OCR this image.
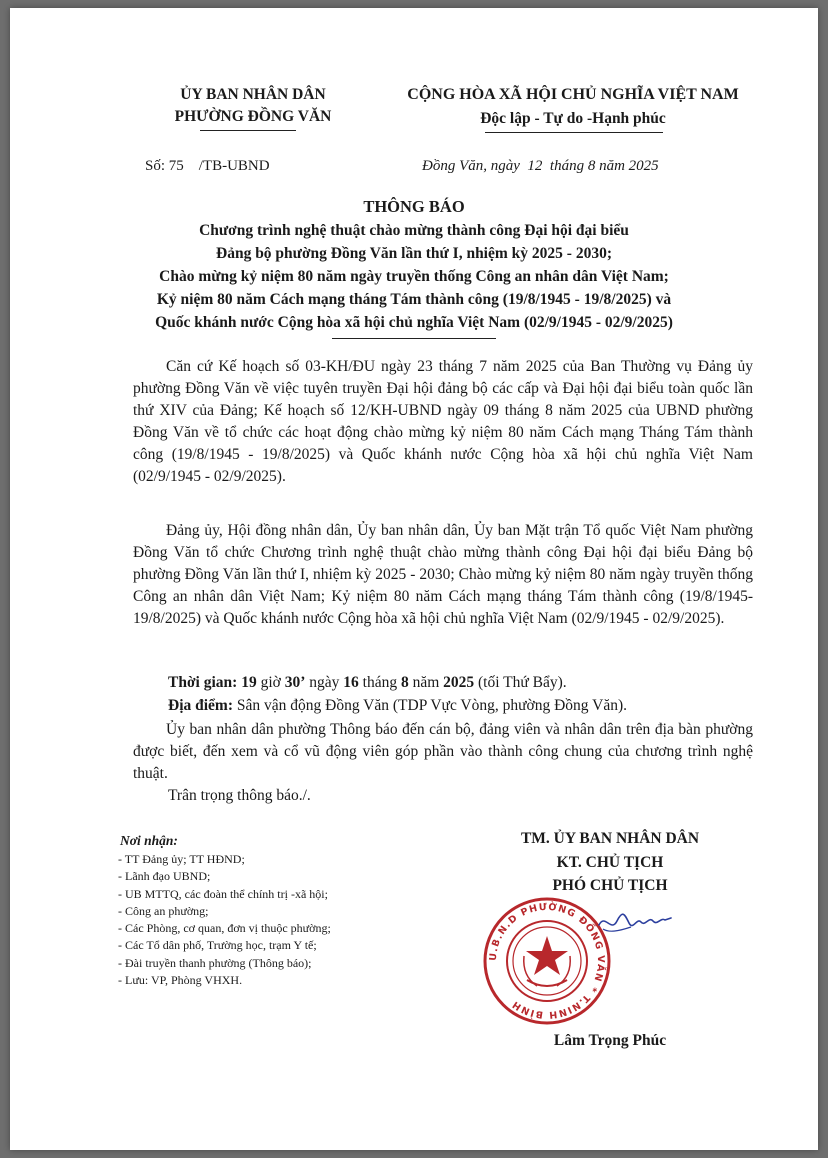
ỦY BAN NHÂN DÂN
PHƯỜNG ĐỒNG VĂN
CỘNG HÒA XÃ HỘI CHỦ NGHĨA VIỆT NAM
Độc lập - Tự do -Hạnh phúc
Số: 75    /TB-UBND	Đồng Văn, ngày  12  tháng 8 năm 2025
THÔNG BÁO
Chương trình nghệ thuật chào mừng thành công Đại hội đại biểu
Đảng bộ phường Đồng Văn lần thứ I, nhiệm kỳ 2025 - 2030;
Chào mừng kỷ niệm 80 năm ngày truyền thống Công an nhân dân Việt Nam;
Kỷ niệm 80 năm Cách mạng tháng Tám thành công (19/8/1945 - 19/8/2025) và
Quốc khánh nước Cộng hòa xã hội chủ nghĩa Việt Nam (02/9/1945 - 02/9/2025)
Căn cứ Kế hoạch số 03-KH/ĐU ngày 23 tháng 7 năm 2025 của Ban Thường vụ Đảng ủy phường Đồng Văn về việc tuyên truyền Đại hội đảng bộ các cấp và Đại hội đại biểu toàn quốc lần thứ XIV của Đảng; Kế hoạch số 12/KH-UBND ngày 09 tháng 8 năm 2025 của UBND phường Đồng Văn về tổ chức các hoạt động chào mừng kỷ niệm 80 năm Cách mạng Tháng Tám thành công (19/8/1945 - 19/8/2025) và Quốc khánh nước Cộng hòa xã hội chủ nghĩa Việt Nam (02/9/1945 - 02/9/2025).
Đảng ủy, Hội đồng nhân dân, Ủy ban nhân dân, Ủy ban Mặt trận Tổ quốc Việt Nam phường Đồng Văn tổ chức Chương trình nghệ thuật chào mừng thành công Đại hội đại biểu Đảng bộ phường Đồng Văn lần thứ I, nhiệm kỳ 2025 - 2030; Chào mừng kỷ niệm 80 năm ngày truyền thống Công an nhân dân Việt Nam; Kỷ niệm 80 năm Cách mạng tháng Tám thành công (19/8/1945- 19/8/2025) và Quốc khánh nước Cộng hòa xã hội chủ nghĩa Việt Nam (02/9/1945 - 02/9/2025).
Thời gian: 19 giờ 30’ ngày 16 tháng 8 năm 2025 (tối Thứ Bẩy).
Địa điểm: Sân vận động Đồng Văn (TDP Vực Vòng, phường Đồng Văn).
Ủy ban nhân dân phường Thông báo đến cán bộ, đảng viên và nhân dân trên địa bàn phường được biết, đến xem và cổ vũ động viên góp phần vào thành công chung của chương trình nghệ thuật.
Trân trọng thông báo./.
Nơi nhận:
- TT Đảng ủy; TT HĐND;
- Lãnh đạo UBND;
- UB MTTQ, các đoàn thể chính trị -xã hội;
- Công an phường;
- Các Phòng, cơ quan, đơn vị thuộc phường;
- Các Tổ dân phố, Trường học, trạm Y tế;
- Đài truyền thanh phường (Thông báo);
- Lưu: VP, Phòng VHXH.
TM. ỦY BAN NHÂN DÂN
KT. CHỦ TỊCH
PHÓ CHỦ TỊCH
U.B.N.D PHƯỜNG ĐỒNG VĂN * T.NINH BÌNH
Lâm Trọng Phúc
